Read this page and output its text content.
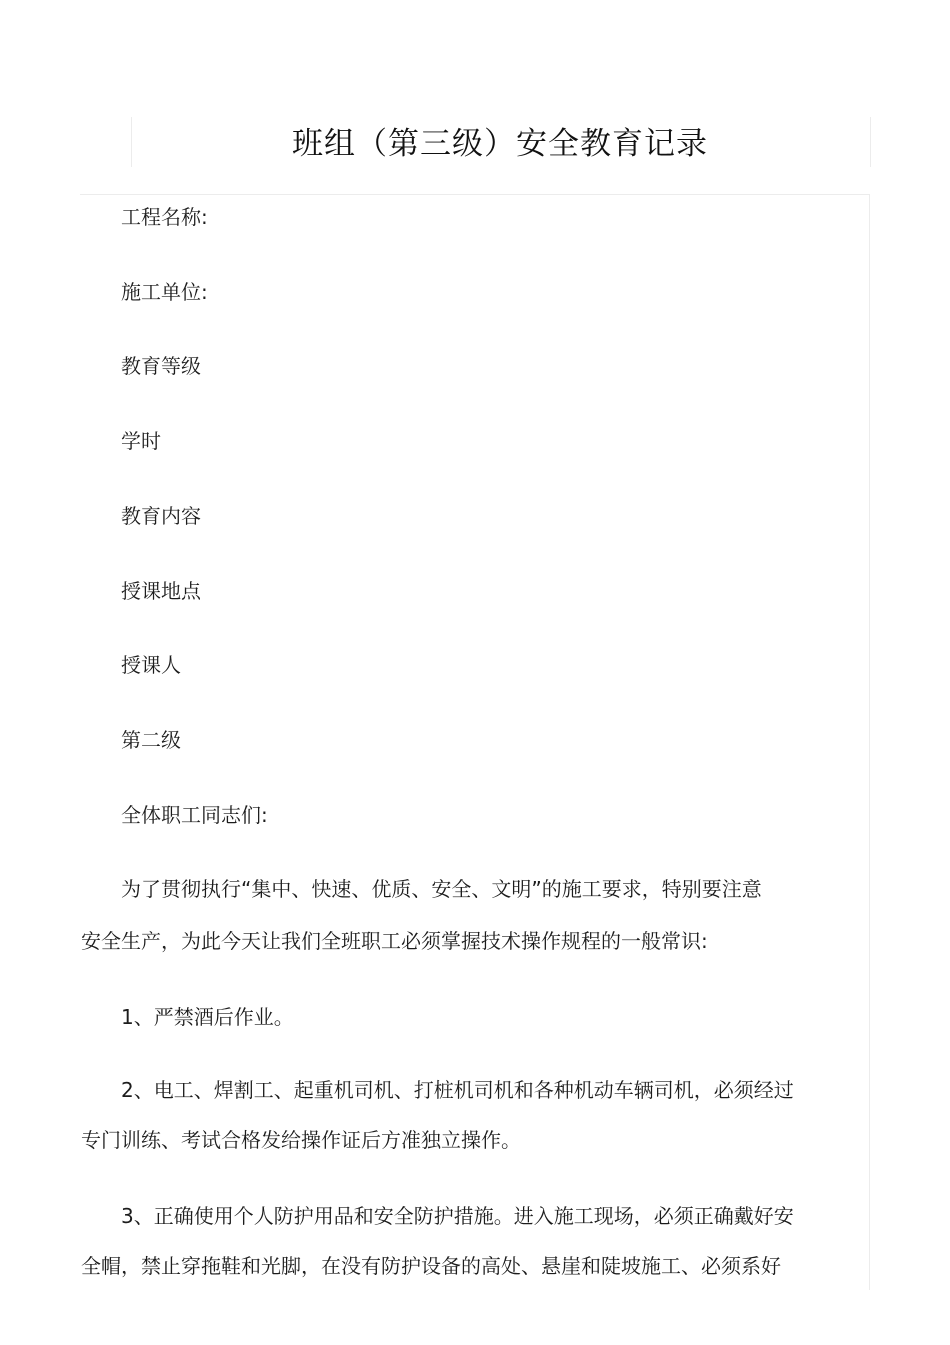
班组（第三级）安全教育记录
工程名称:
施工单位:
教育等级
学时
教育内容
授课地点
授课人
第二级
全体职工同志们:
为了贯彻执行“集中、快速、优质、安全、文明”的施工要求，特别要注意
安全生产，为此今天让我们全班职工必须掌握技术操作规程的一般常识:
1、严禁酒后作业。
2、电工、焊割工、起重机司机、打桩机司机和各种机动车辆司机，必须经过
专门训练、考试合格发给操作证后方准独立操作。
3、正确使用个人防护用品和安全防护措施。进入施工现场，必须正确戴好安
全帽，禁止穿拖鞋和光脚，在没有防护设备的高处、悬崖和陡坡施工、必须系好
